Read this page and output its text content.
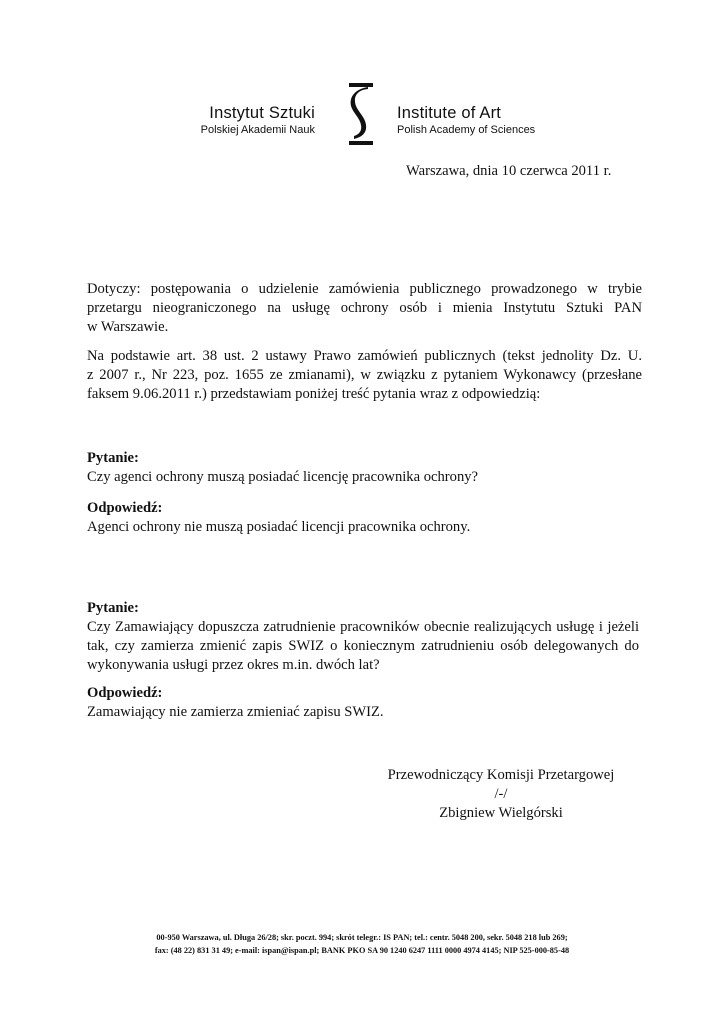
Instytut Sztuki
Polskiej Akademii Nauk
Institute of Art
Polish Academy of Sciences
Warszawa, dnia 10 czerwca 2011 r.
Dotyczy: postępowania o udzielenie zamówienia publicznego prowadzonego w trybie
przetargu nieograniczonego na usługę ochrony osób i mienia Instytutu Sztuki PAN
w Warszawie.
Na podstawie art. 38 ust. 2 ustawy Prawo zamówień publicznych (tekst jednolity Dz. U.
z 2007 r., Nr 223, poz. 1655 ze zmianami), w związku z pytaniem Wykonawcy (przesłane
faksem 9.06.2011 r.) przedstawiam poniżej treść pytania wraz z odpowiedzią:
Pytanie:
Czy agenci ochrony muszą posiadać licencję pracownika ochrony?
Odpowiedź:
Agenci ochrony nie muszą posiadać licencji pracownika ochrony.
Pytanie:
Czy Zamawiający dopuszcza zatrudnienie pracowników obecnie realizujących usługę i jeżeli
tak, czy zamierza zmienić zapis SWIZ o koniecznym zatrudnieniu osób delegowanych do
wykonywania usługi przez okres m.in. dwóch lat?
Odpowiedź:
Zamawiający nie zamierza zmieniać zapisu SWIZ.
Przewodniczący Komisji Przetargowej
/-/
Zbigniew Wielgórski
00-950 Warszawa, ul. Długa 26/28; skr. poczt. 994; skrót telegr.: IS PAN; tel.: centr. 5048 200, sekr. 5048 218 lub 269;
fax: (48 22) 831 31 49; e-mail: ispan@ispan.pl; BANK PKO SA 90 1240 6247 1111 0000 4974 4145; NIP 525-000-85-48
